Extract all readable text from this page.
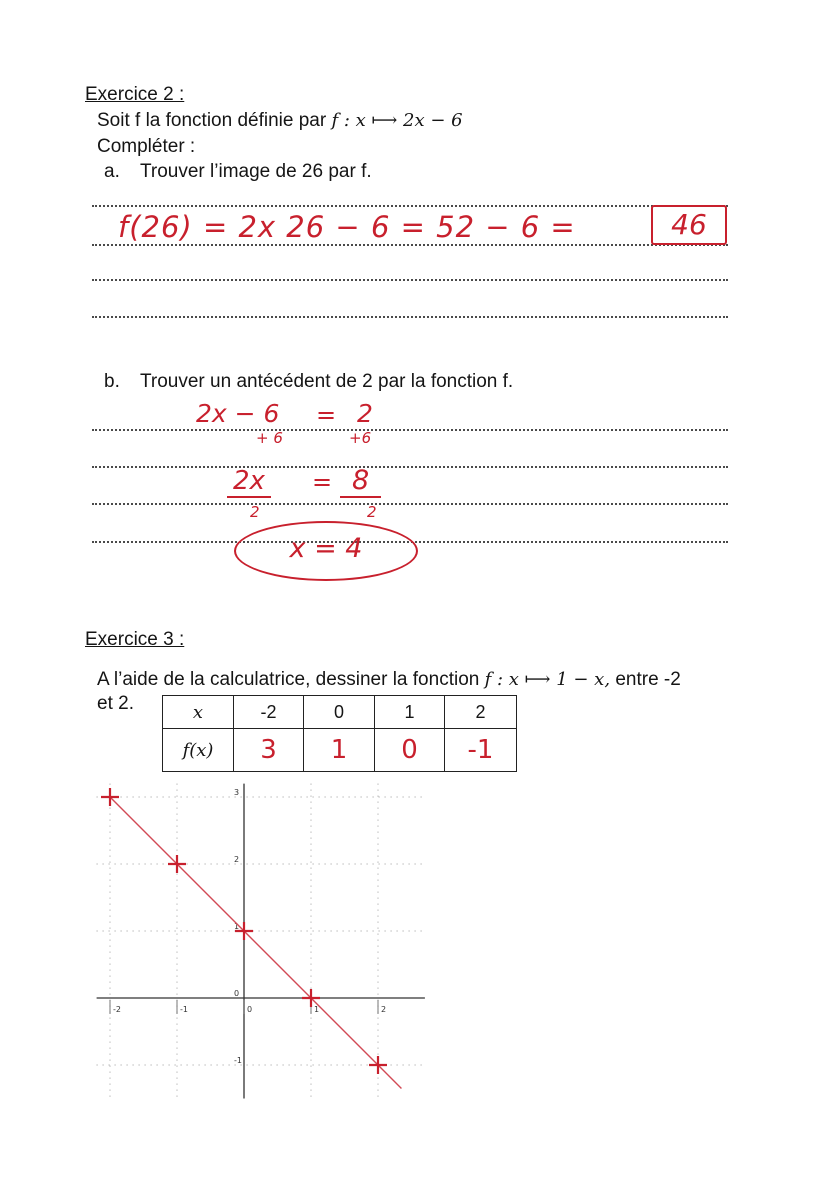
Exercice 2 :
Soit f la fonction définie par f : x ⟼ 2x − 6
Compléter :
a. Trouver l’image de 26 par f.
f(26) = 2x 26 − 6 = 52 − 6 =	46
b. Trouver un antécédent de 2 par la fonction f.
2x − 6 = 2
+ 6	+6
2x = 8
2	2
x = 4
Exercice 3 :
A l’aide de la calculatrice, dessiner la fonction f : x ⟼ 1 − x, entre -2
et 2.	x	-2	0	1	2
f(x)	3	1	0	-1
-2	-1	0	1	2
3
2
1
0
-1
